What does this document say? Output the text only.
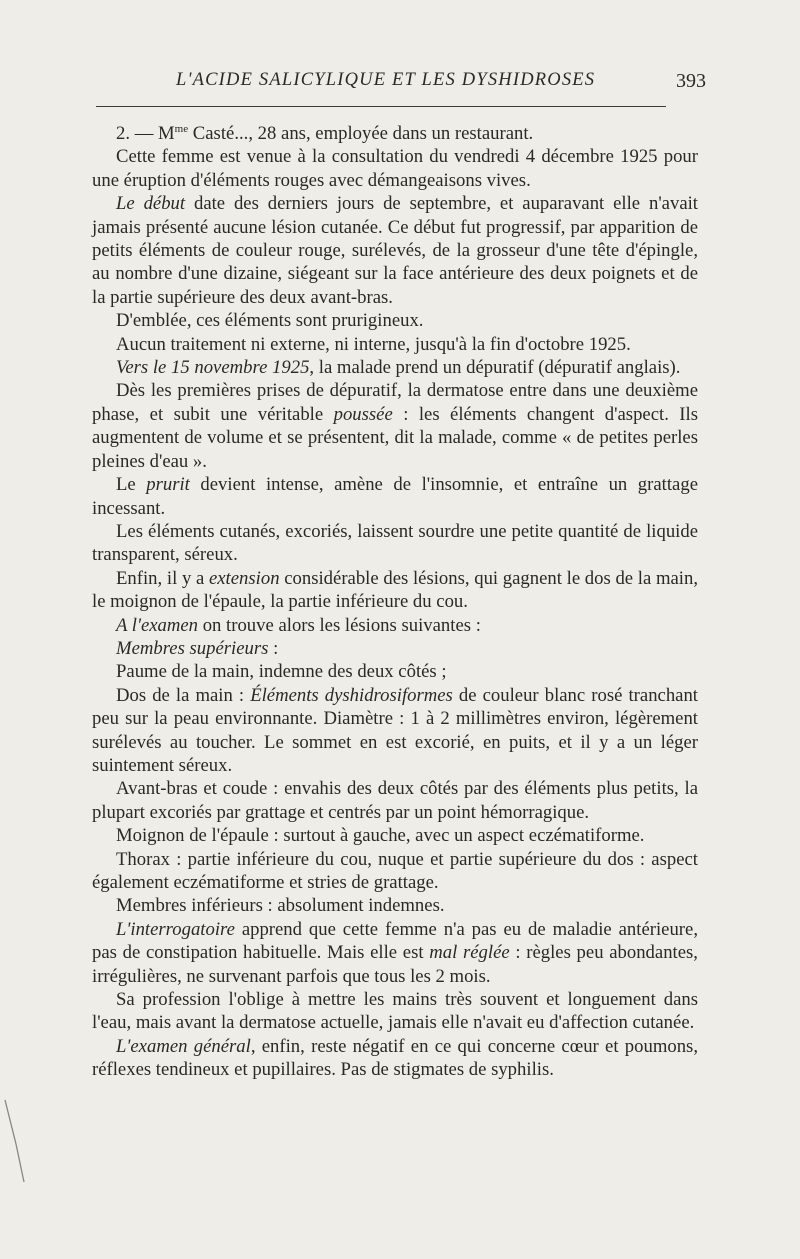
L'ACIDE SALICYLIQUE ET LES DYSHIDROSES	393

2. — $M^{me}$ Casté..., 28 ans, employée dans un restaurant.

Cette femme est venue à la consultation du vendredi 4 décembre 1925 pour une éruption d'éléments rouges avec démangeaisons vives.

Le début date des derniers jours de septembre, et auparavant elle n'avait jamais présenté aucune lésion cutanée. Ce début fut progressif, par apparition de petits éléments de couleur rouge, surélevés, de la grosseur d'une tête d'épingle, au nombre d'une dizaine, siégeant sur la face antérieure des deux poignets et de la partie supérieure des deux avant-bras.

D'emblée, ces éléments sont prurigineux.

Aucun traitement ni externe, ni interne, jusqu'à la fin d'octobre 1925.

Vers le 15 novembre 1925, la malade prend un dépuratif (dépuratif anglais).

Dès les premières prises de dépuratif, la dermatose entre dans une deuxième phase, et subit une véritable poussée : les éléments changent d'aspect. Ils augmentent de volume et se présentent, dit la malade, comme « de petites perles pleines d'eau ».

Le prurit devient intense, amène de l'insomnie, et entraîne un grattage incessant.

Les éléments cutanés, excoriés, laissent sourdre une petite quantité de liquide transparent, séreux.

Enfin, il y a extension considérable des lésions, qui gagnent le dos de la main, le moignon de l'épaule, la partie inférieure du cou.

A l'examen on trouve alors les lésions suivantes :

Membres supérieurs :

Paume de la main, indemne des deux côtés ;

Dos de la main : Éléments dyshidrosiformes de couleur blanc rosé tranchant peu sur la peau environnante. Diamètre : 1 à 2 millimètres environ, légèrement surélevés au toucher. Le sommet en est excorié, en puits, et il y a un léger suintement séreux.

Avant-bras et coude : envahis des deux côtés par des éléments plus petits, la plupart excoriés par grattage et centrés par un point hémorragique.

Moignon de l'épaule : surtout à gauche, avec un aspect eczématiforme.

Thorax : partie inférieure du cou, nuque et partie supérieure du dos : aspect également eczématiforme et stries de grattage.

Membres inférieurs : absolument indemnes.

L'interrogatoire apprend que cette femme n'a pas eu de maladie antérieure, pas de constipation habituelle. Mais elle est mal réglée : règles peu abondantes, irrégulières, ne survenant parfois que tous les 2 mois.

Sa profession l'oblige à mettre les mains très souvent et longuement dans l'eau, mais avant la dermatose actuelle, jamais elle n'avait eu d'affection cutanée.

L'examen général, enfin, reste négatif en ce qui concerne cœur et poumons, réflexes tendineux et pupillaires. Pas de stigmates de syphilis.
